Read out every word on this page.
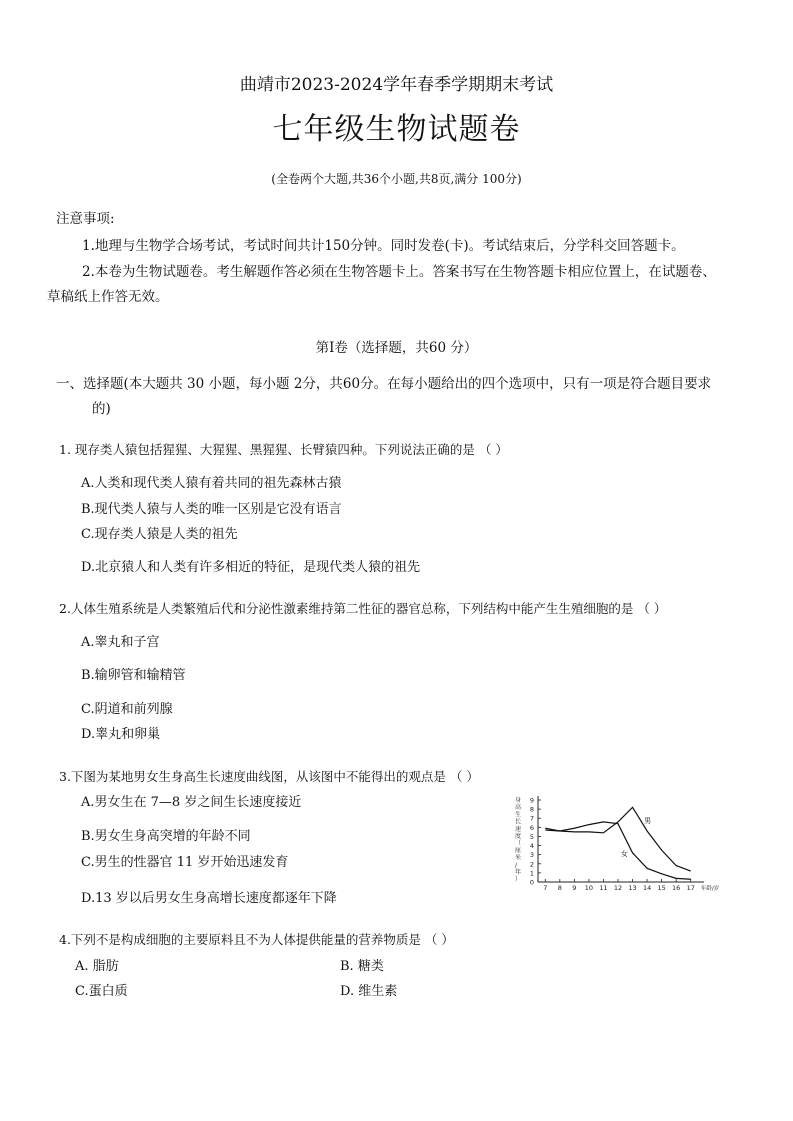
曲靖市2023-2024学年春季学期期末考试
七年级生物试题卷
(全卷两个大题,共36个小题,共8页,满分 100分)
注意事项:
1.地理与生物学合场考试，考试时间共计150分钟。同时发卷(卡)。考试结束后，分学科交回答题卡。
2.本卷为生物试题卷。考生解题作答必须在生物答题卡上。答案书写在生物答题卡相应位置上，在试题卷、
草稿纸上作答无效。
第Ⅰ卷（选择题，共60 分）
一、选择题(本大题共 30 小题，每小题 2分，共60分。在每小题给出的四个选项中，只有一项是符合题目要求
的)
1. 现存类人猿包括猩猩、大猩猩、黑猩猩、长臂猿四种。下列说法正确的是 （ ）
A.人类和现代类人猿有着共同的祖先森林古猿
B.现代类人猿与人类的唯一区别是它没有语言
C.现存类人猿是人类的祖先
D.北京猿人和人类有许多相近的特征，是现代类人猿的祖先
2.人体生殖系统是人类繁殖后代和分泌性激素维持第二性征的器官总称，下列结构中能产生生殖细胞的是 （ ）
A.睾丸和子宫
B.输卵管和输精管
C.阴道和前列腺
D.睾丸和卵巢
3.下图为某地男女生身高生长速度曲线图，从该图中不能得出的观点是 （ ）
A.男女生在 7—8 岁之间生长速度接近
B.男女生身高突增的年龄不同
C.男生的性器官 11 岁开始迅速发育
D.13 岁以后男女生身高增长速度都逐年下降
0
1
2
3
4
5
6
7
8
9
7 8 9 10 11 12 13 14 15 16 17 年龄/岁
身高生长速度（厘米/年）
男
女
4.下列不是构成细胞的主要原料且不为人体提供能量的营养物质是 （ ）
A. 脂肪	B. 糖类
C.蛋白质	D. 维生素
